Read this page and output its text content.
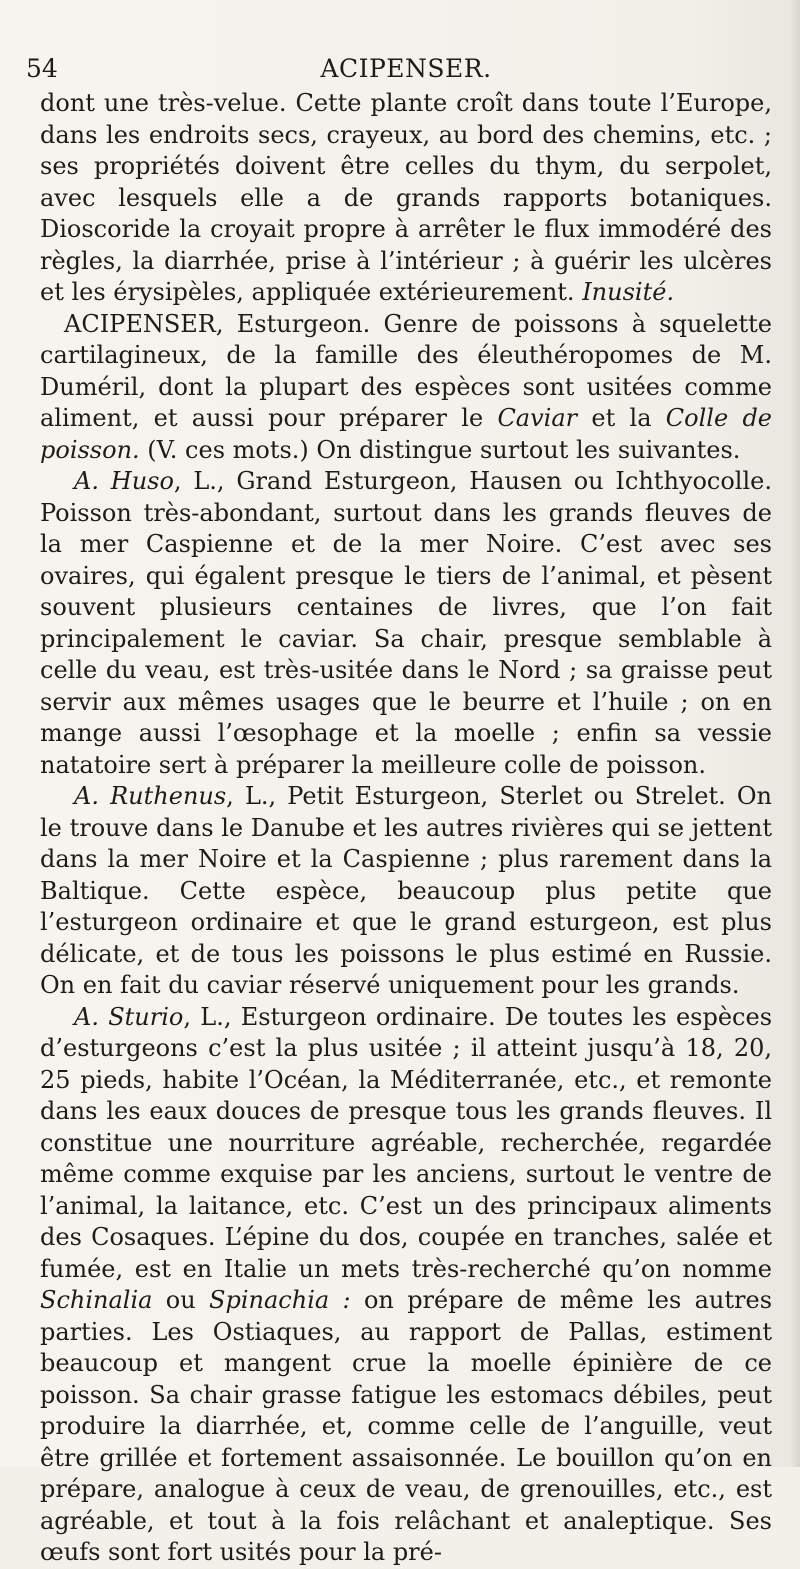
54	ACIPENSER.

dont une très-velue. Cette plante croît dans toute l’Europe, dans les endroits secs, crayeux, au bord des chemins, etc. ; ses propriétés doivent être celles du thym, du serpolet, avec lesquels elle a de grands rapports botaniques. Dioscoride la croyait propre à arrêter le flux immodéré des règles, la diarrhée, prise à l’intérieur ; à guérir les ulcères et les érysipèles, appliquée extérieurement. Inusité.

ACIPENSER, Esturgeon. Genre de poissons à squelette cartilagineux, de la famille des éleuthéropomes de M. Duméril, dont la plupart des espèces sont usitées comme aliment, et aussi pour préparer le Caviar et la Colle de poisson. (V. ces mots.) On distingue surtout les suivantes.

A. Huso, L., Grand Esturgeon, Hausen ou Ichthyocolle. Poisson très-abondant, surtout dans les grands fleuves de la mer Caspienne et de la mer Noire. C’est avec ses ovaires, qui égalent presque le tiers de l’animal, et pèsent souvent plusieurs centaines de livres, que l’on fait principalement le caviar. Sa chair, presque semblable à celle du veau, est très-usitée dans le Nord ; sa graisse peut servir aux mêmes usages que le beurre et l’huile ; on en mange aussi l’œsophage et la moelle ; enfin sa vessie natatoire sert à préparer la meilleure colle de poisson.

A. Ruthenus, L., Petit Esturgeon, Sterlet ou Strelet. On le trouve dans le Danube et les autres rivières qui se jettent dans la mer Noire et la Caspienne ; plus rarement dans la Baltique. Cette espèce, beaucoup plus petite que l’esturgeon ordinaire et que le grand esturgeon, est plus délicate, et de tous les poissons le plus estimé en Russie. On en fait du caviar réservé uniquement pour les grands.

A. Sturio, L., Esturgeon ordinaire. De toutes les espèces d’esturgeons c’est la plus usitée ; il atteint jusqu’à 18, 20, 25 pieds, habite l’Océan, la Méditerranée, etc., et remonte dans les eaux douces de presque tous les grands fleuves. Il constitue une nourriture agréable, recherchée, regardée même comme exquise par les anciens, surtout le ventre de l’animal, la laitance, etc. C’est un des principaux aliments des Cosaques. L’épine du dos, coupée en tranches, salée et fumée, est en Italie un mets très-recherché qu’on nomme Schinalia ou Spinachia : on prépare de même les autres parties. Les Ostiaques, au rapport de Pallas, estiment beaucoup et mangent crue la moelle épinière de ce poisson. Sa chair grasse fatigue les estomacs débiles, peut produire la diarrhée, et, comme celle de l’anguille, veut être grillée et fortement assaisonnée. Le bouillon qu’on en prépare, analogue à ceux de veau, de grenouilles, etc., est agréable, et tout à la fois relâchant et analeptique. Ses œufs sont fort usités pour la pré-
